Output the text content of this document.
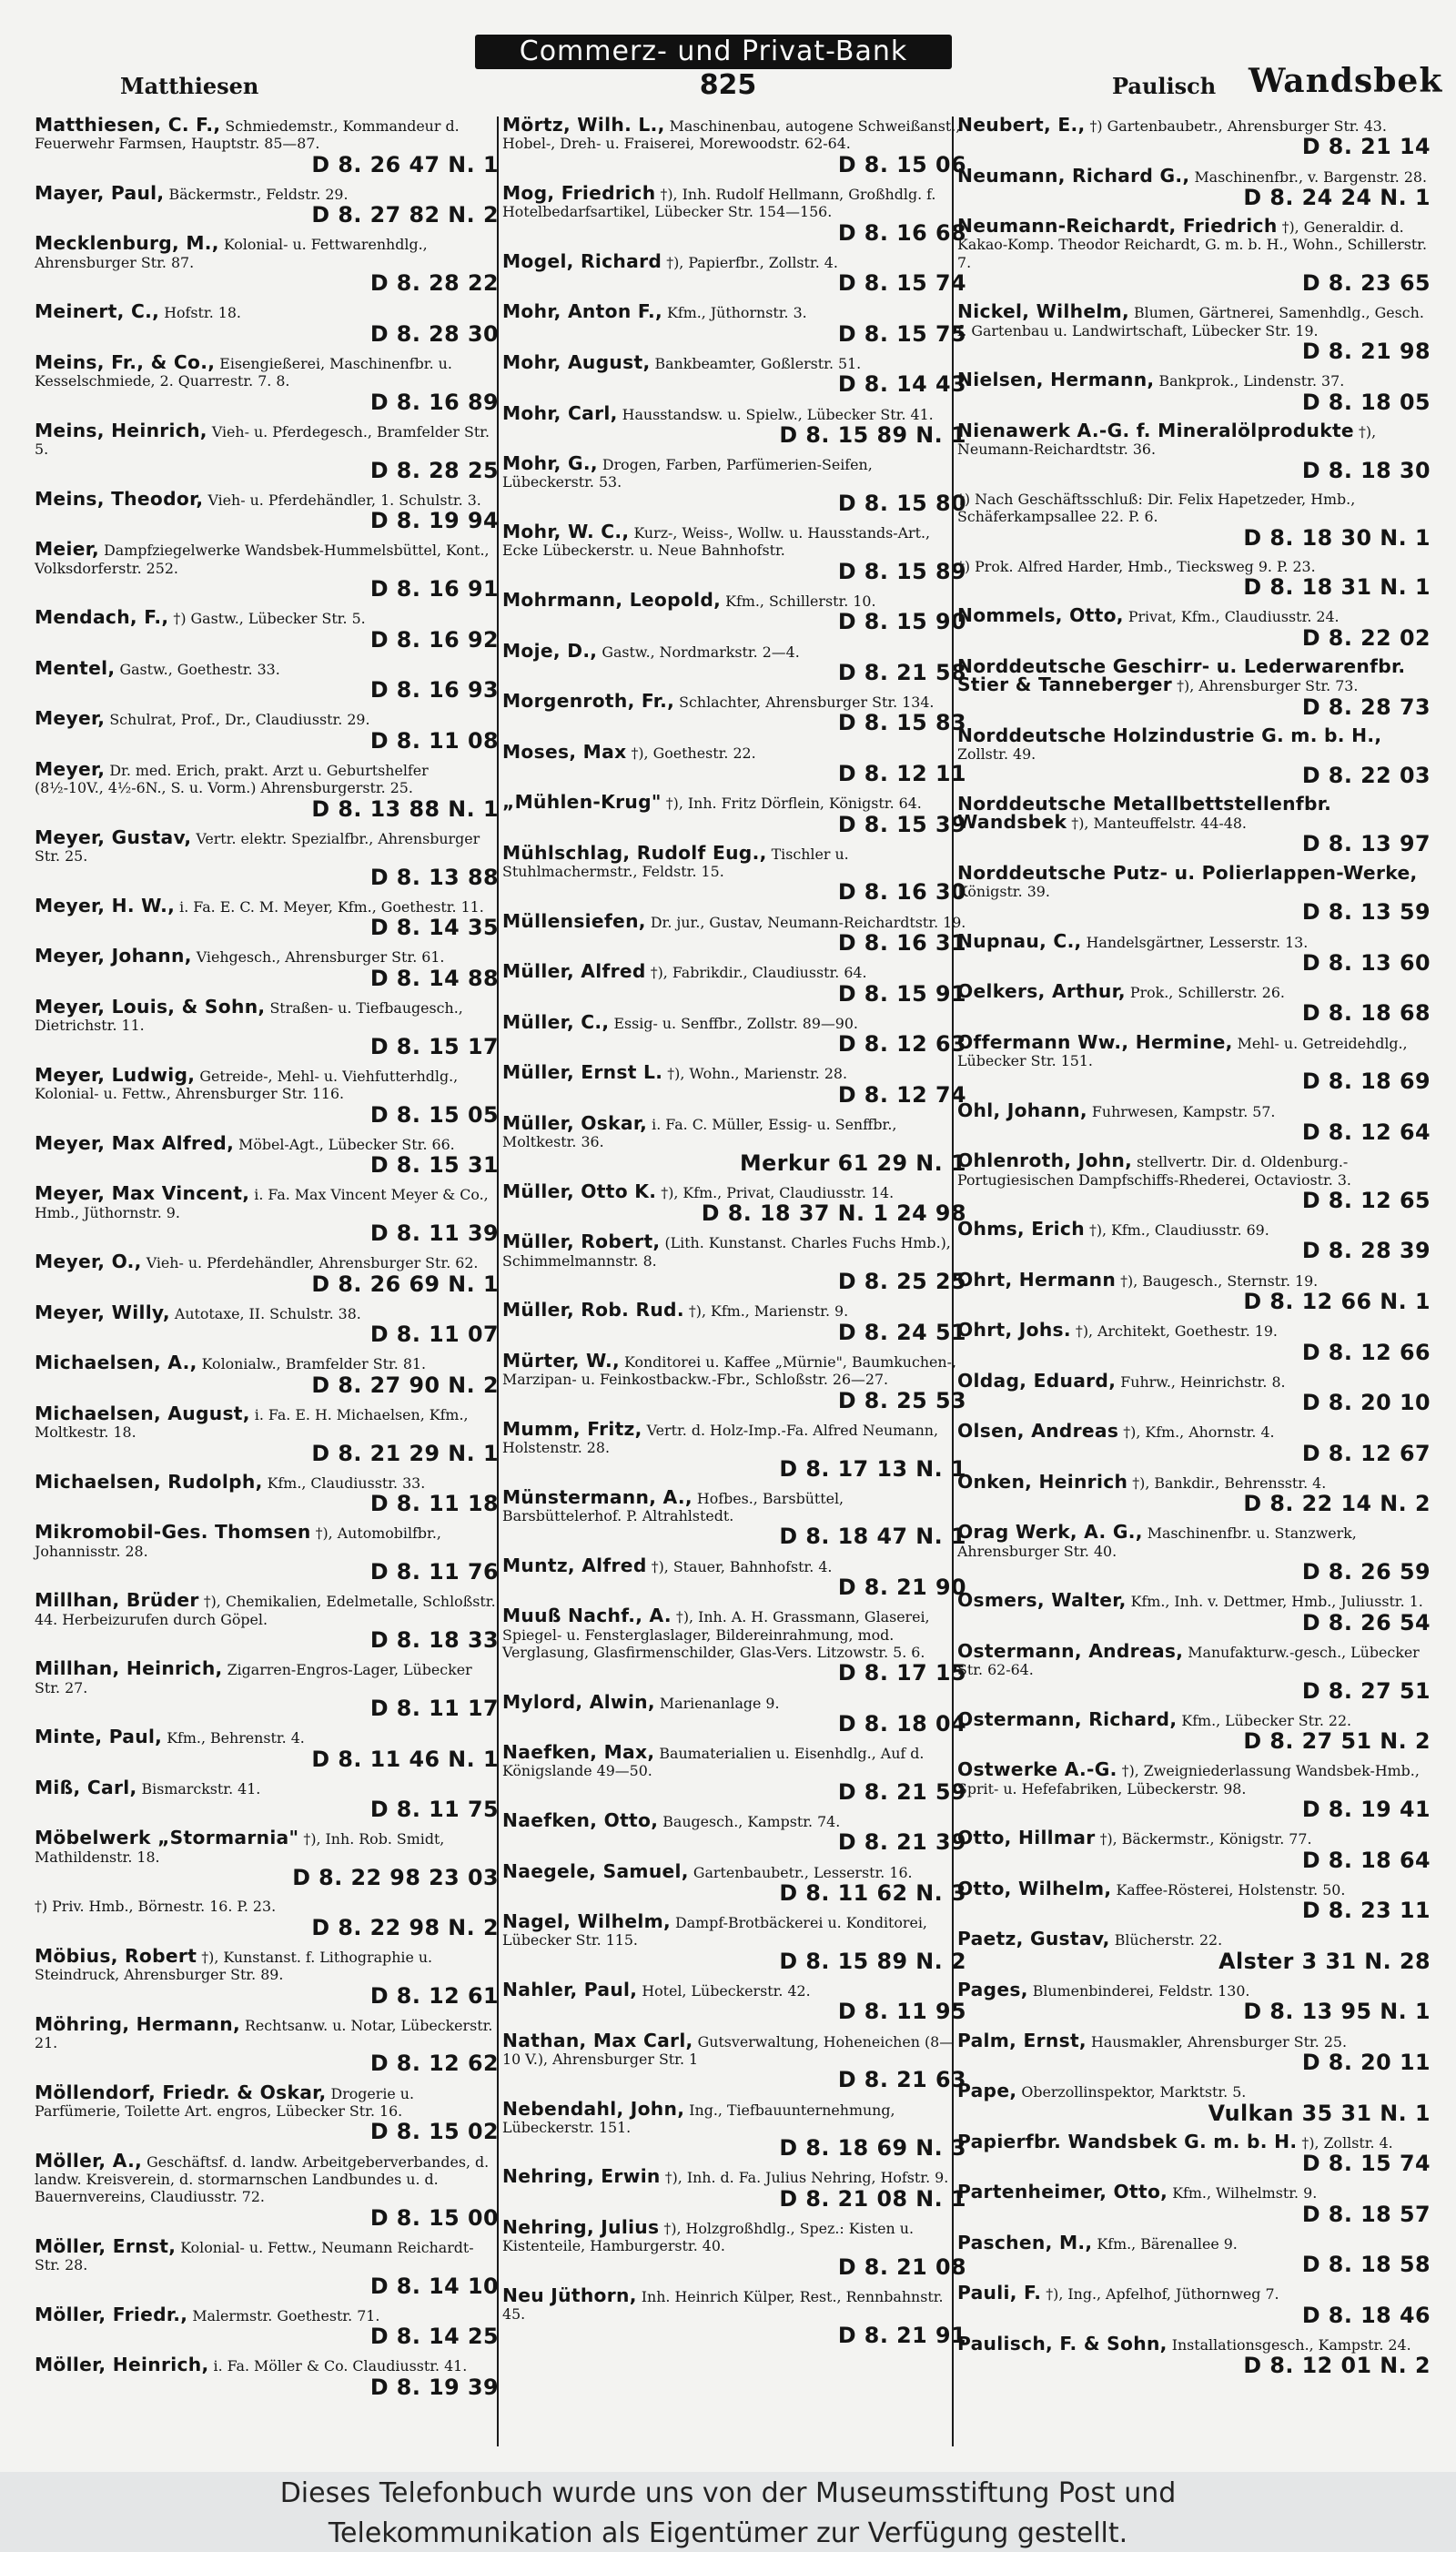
Commerz- und Privat-Bank
825
Matthiesen	Paulisch Wandsbek
Matthiesen, C. F., Schmiedemstr., Kommandeur d. Feuerwehr Farmsen, Hauptstr. 85—87.
D 8. 26 47 N. 1
Mayer, Paul, Bäckermstr., Feldstr. 29.
D 8. 27 82 N. 2
Mecklenburg, M., Kolonial- u. Fettwarenhdlg., Ahrensburger Str. 87.
D 8. 28 22
Meinert, C., Hofstr. 18.
D 8. 28 30
Meins, Fr., & Co., Eisengießerei, Maschinenfbr. u. Kesselschmiede, 2. Quarrestr. 7. 8.
D 8. 16 89
Meins, Heinrich, Vieh- u. Pferdegesch., Bramfelder Str. 5.
D 8. 28 25
Meins, Theodor, Vieh- u. Pferdehändler, 1. Schulstr. 3.
D 8. 19 94
Meier, Dampfziegelwerke Wandsbek-Hummelsbüttel, Kont., Volksdorferstr. 252.
D 8. 16 91
Mendach, F., †) Gastw., Lübecker Str. 5.
D 8. 16 92
Mentel, Gastw., Goethestr. 33.
D 8. 16 93
Meyer, Schulrat, Prof., Dr., Claudiusstr. 29.
D 8. 11 08
Meyer, Dr. med. Erich, prakt. Arzt u. Geburtshelfer (8½-10V., 4½-6N., S. u. Vorm.) Ahrensburgerstr. 25.
D 8. 13 88 N. 1
Meyer, Gustav, Vertr. elektr. Spezialfbr., Ahrensburger Str. 25.
D 8. 13 88
Meyer, H. W., i. Fa. E. C. M. Meyer, Kfm., Goethestr. 11.
D 8. 14 35
Meyer, Johann, Viehgesch., Ahrensburger Str. 61.
D 8. 14 88
Meyer, Louis, & Sohn, Straßen- u. Tiefbaugesch., Dietrichstr. 11.
D 8. 15 17
Meyer, Ludwig, Getreide-, Mehl- u. Viehfutterhdlg., Kolonial- u. Fettw., Ahrensburger Str. 116.
D 8. 15 05
Meyer, Max Alfred, Möbel-Agt., Lübecker Str. 66.
D 8. 15 31
Meyer, Max Vincent, i. Fa. Max Vincent Meyer & Co., Hmb., Jüthornstr. 9.
D 8. 11 39
Meyer, O., Vieh- u. Pferdehändler, Ahrensburger Str. 62.
D 8. 26 69 N. 1
Meyer, Willy, Autotaxe, II. Schulstr. 38.
D 8. 11 07
Michaelsen, A., Kolonialw., Bramfelder Str. 81.
D 8. 27 90 N. 2
Michaelsen, August, i. Fa. E. H. Michaelsen, Kfm., Moltkestr. 18.
D 8. 21 29 N. 1
Michaelsen, Rudolph, Kfm., Claudiusstr. 33.
D 8. 11 18
Mikromobil-Ges. Thomsen †), Automobilfbr., Johannisstr. 28.
D 8. 11 76
Millhan, Brüder †), Chemikalien, Edelmetalle, Schloßstr. 44. Herbeizurufen durch Göpel.
D 8. 18 33
Millhan, Heinrich, Zigarren-Engros-Lager, Lübecker Str. 27.
D 8. 11 17
Minte, Paul, Kfm., Behrenstr. 4.
D 8. 11 46 N. 1
Miß, Carl, Bismarckstr. 41.
D 8. 11 75
Möbelwerk „Stormarnia" †), Inh. Rob. Smidt, Mathildenstr. 18.
D 8. 22 98 23 03
†) Priv. Hmb., Börnestr. 16. P. 23.
D 8. 22 98 N. 2
Möbius, Robert †), Kunstanst. f. Lithographie u. Steindruck, Ahrensburger Str. 89.
D 8. 12 61
Möhring, Hermann, Rechtsanw. u. Notar, Lübeckerstr. 21.
D 8. 12 62
Möllendorf, Friedr. & Oskar, Drogerie u. Parfümerie, Toilette Art. engros, Lübecker Str. 16.
D 8. 15 02
Möller, A., Geschäftsf. d. landw. Arbeitgeberverbandes, d. landw. Kreisverein, d. stormarnschen Landbundes u. d. Bauernvereins, Claudiusstr. 72.
D 8. 15 00
Möller, Ernst, Kolonial- u. Fettw., Neumann Reichardt-Str. 28.
D 8. 14 10
Möller, Friedr., Malermstr. Goethestr. 71.
D 8. 14 25
Möller, Heinrich, i. Fa. Möller & Co. Claudiusstr. 41.
D 8. 19 39
Mörtz, Wilh. L., Maschinenbau, autogene Schweißanst., Hobel-, Dreh- u. Fraiserei, Morewoodstr. 62-64.
D 8. 15 06
Mog, Friedrich †), Inh. Rudolf Hellmann, Großhdlg. f. Hotelbedarfsartikel, Lübecker Str. 154—156.
D 8. 16 68
Mogel, Richard †), Papierfbr., Zollstr. 4.
D 8. 15 74
Mohr, Anton F., Kfm., Jüthornstr. 3.
D 8. 15 75
Mohr, August, Bankbeamter, Goßlerstr. 51.
D 8. 14 43
Mohr, Carl, Hausstandsw. u. Spielw., Lübecker Str. 41.
D 8. 15 89 N. 1
Mohr, G., Drogen, Farben, Parfümerien-Seifen, Lübeckerstr. 53.
D 8. 15 80
Mohr, W. C., Kurz-, Weiss-, Wollw. u. Hausstands-Art., Ecke Lübeckerstr. u. Neue Bahnhofstr.
D 8. 15 89
Mohrmann, Leopold, Kfm., Schillerstr. 10.
D 8. 15 90
Moje, D., Gastw., Nordmarkstr. 2—4.
D 8. 21 58
Morgenroth, Fr., Schlachter, Ahrensburger Str. 134.
D 8. 15 83
Moses, Max †), Goethestr. 22.
D 8. 12 11
„Mühlen-Krug" †), Inh. Fritz Dörflein, Königstr. 64.
D 8. 15 39
Mühlschlag, Rudolf Eug., Tischler u. Stuhlmachermstr., Feldstr. 15.
D 8. 16 30
Müllensiefen, Dr. jur., Gustav, Neumann-Reichardtstr. 19.
D 8. 16 31
Müller, Alfred †), Fabrikdir., Claudiusstr. 64.
D 8. 15 91
Müller, C., Essig- u. Senffbr., Zollstr. 89—90.
D 8. 12 63
Müller, Ernst L. †), Wohn., Marienstr. 28.
D 8. 12 74
Müller, Oskar, i. Fa. C. Müller, Essig- u. Senffbr., Moltkestr. 36.
Merkur 61 29 N. 1
Müller, Otto K. †), Kfm., Privat, Claudiusstr. 14.
D 8. 18 37 N. 1 24 98
Müller, Robert, (Lith. Kunstanst. Charles Fuchs Hmb.), Schimmelmannstr. 8.
D 8. 25 25
Müller, Rob. Rud. †), Kfm., Marienstr. 9.
D 8. 24 51
Mürter, W., Konditorei u. Kaffee „Mürnie", Baumkuchen-, Marzipan- u. Feinkostbackw.-Fbr., Schloßstr. 26—27.
D 8. 25 53
Mumm, Fritz, Vertr. d. Holz-Imp.-Fa. Alfred Neumann, Holstenstr. 28.
D 8. 17 13 N. 1
Münstermann, A., Hofbes., Barsbüttel, Barsbüttelerhof. P. Altrahlstedt.
D 8. 18 47 N. 1
Muntz, Alfred †), Stauer, Bahnhofstr. 4.
D 8. 21 90
Muuß Nachf., A. †), Inh. A. H. Grassmann, Glaserei, Spiegel- u. Fensterglaslager, Bildereinrahmung, mod. Verglasung, Glasfirmenschilder, Glas-Vers. Litzowstr. 5. 6.
D 8. 17 15
Mylord, Alwin, Marienanlage 9.
D 8. 18 04
Naefken, Max, Baumaterialien u. Eisenhdlg., Auf d. Königslande 49—50.
D 8. 21 59
Naefken, Otto, Baugesch., Kampstr. 74.
D 8. 21 39
Naegele, Samuel, Gartenbaubetr., Lesserstr. 16.
D 8. 11 62 N. 3
Nagel, Wilhelm, Dampf-Brotbäckerei u. Konditorei, Lübecker Str. 115.
D 8. 15 89 N. 2
Nahler, Paul, Hotel, Lübeckerstr. 42.
D 8. 11 95
Nathan, Max Carl, Gutsverwaltung, Hoheneichen (8—10 V.), Ahrensburger Str. 1
D 8. 21 63
Nebendahl, John, Ing., Tiefbauunternehmung, Lübeckerstr. 151.
D 8. 18 69 N. 3
Nehring, Erwin †), Inh. d. Fa. Julius Nehring, Hofstr. 9.
D 8. 21 08 N. 1
Nehring, Julius †), Holzgroßhdlg., Spez.: Kisten u. Kistenteile, Hamburgerstr. 40.
D 8. 21 08
Neu Jüthorn, Inh. Heinrich Külper, Rest., Rennbahnstr. 45.
D 8. 21 91
Neubert, E., †) Gartenbaubetr., Ahrensburger Str. 43.
D 8. 21 14
Neumann, Richard G., Maschinenfbr., v. Bargenstr. 28.
D 8. 24 24 N. 1
Neumann-Reichardt, Friedrich †), Generaldir. d. Kakao-Komp. Theodor Reichardt, G. m. b. H., Wohn., Schillerstr. 7.
D 8. 23 65
Nickel, Wilhelm, Blumen, Gärtnerei, Samenhdlg., Gesch. f. Gartenbau u. Landwirtschaft, Lübecker Str. 19.
D 8. 21 98
Nielsen, Hermann, Bankprok., Lindenstr. 37.
D 8. 18 05
Nienawerk A.-G. f. Mineralölprodukte †), Neumann-Reichardtstr. 36.
D 8. 18 30
†) Nach Geschäftsschluß: Dir. Felix Hapetzeder, Hmb., Schäferkampsallee 22. P. 6.
D 8. 18 30 N. 1
†) Prok. Alfred Harder, Hmb., Tiecksweg 9. P. 23.
D 8. 18 31 N. 1
Nommels, Otto, Privat, Kfm., Claudiusstr. 24.
D 8. 22 02
Norddeutsche Geschirr- u. Lederwarenfbr. Stier & Tanneberger †), Ahrensburger Str. 73.
D 8. 28 73
Norddeutsche Holzindustrie G. m. b. H., Zollstr. 49.
D 8. 22 03
Norddeutsche Metallbettstellenfbr. Wandsbek †), Manteuffelstr. 44-48.
D 8. 13 97
Norddeutsche Putz- u. Polierlappen-Werke, Königstr. 39.
D 8. 13 59
Nupnau, C., Handelsgärtner, Lesserstr. 13.
D 8. 13 60
Oelkers, Arthur, Prok., Schillerstr. 26.
D 8. 18 68
Offermann Ww., Hermine, Mehl- u. Getreidehdlg., Lübecker Str. 151.
D 8. 18 69
Ohl, Johann, Fuhrwesen, Kampstr. 57.
D 8. 12 64
Ohlenroth, John, stellvertr. Dir. d. Oldenburg.-Portugiesischen Dampfschiffs-Rhederei, Octaviostr. 3.
D 8. 12 65
Ohms, Erich †), Kfm., Claudiusstr. 69.
D 8. 28 39
Ohrt, Hermann †), Baugesch., Sternstr. 19.
D 8. 12 66 N. 1
Ohrt, Johs. †), Architekt, Goethestr. 19.
D 8. 12 66
Oldag, Eduard, Fuhrw., Heinrichstr. 8.
D 8. 20 10
Olsen, Andreas †), Kfm., Ahornstr. 4.
D 8. 12 67
Onken, Heinrich †), Bankdir., Behrensstr. 4.
D 8. 22 14 N. 2
Orag Werk, A. G., Maschinenfbr. u. Stanzwerk, Ahrensburger Str. 40.
D 8. 26 59
Osmers, Walter, Kfm., Inh. v. Dettmer, Hmb., Juliusstr. 1.
D 8. 26 54
Ostermann, Andreas, Manufakturw.-gesch., Lübecker Str. 62-64.
D 8. 27 51
Ostermann, Richard, Kfm., Lübecker Str. 22.
D 8. 27 51 N. 2
Ostwerke A.-G. †), Zweigniederlassung Wandsbek-Hmb., Sprit- u. Hefefabriken, Lübeckerstr. 98.
D 8. 19 41
Otto, Hillmar †), Bäckermstr., Königstr. 77.
D 8. 18 64
Otto, Wilhelm, Kaffee-Rösterei, Holstenstr. 50.
D 8. 23 11
Paetz, Gustav, Blücherstr. 22.
Alster 3 31 N. 28
Pages, Blumenbinderei, Feldstr. 130.
D 8. 13 95 N. 1
Palm, Ernst, Hausmakler, Ahrensburger Str. 25.
D 8. 20 11
Pape, Oberzollinspektor, Marktstr. 5.
Vulkan 35 31 N. 1
Papierfbr. Wandsbek G. m. b. H. †), Zollstr. 4.
D 8. 15 74
Partenheimer, Otto, Kfm., Wilhelmstr. 9.
D 8. 18 57
Paschen, M., Kfm., Bärenallee 9.
D 8. 18 58
Pauli, F. †), Ing., Apfelhof, Jüthornweg 7.
D 8. 18 46
Paulisch, F. & Sohn, Installationsgesch., Kampstr. 24.
D 8. 12 01 N. 2
Dieses Telefonbuch wurde uns von der Museumsstiftung Post und
Telekommunikation als Eigentümer zur Verfügung gestellt.
